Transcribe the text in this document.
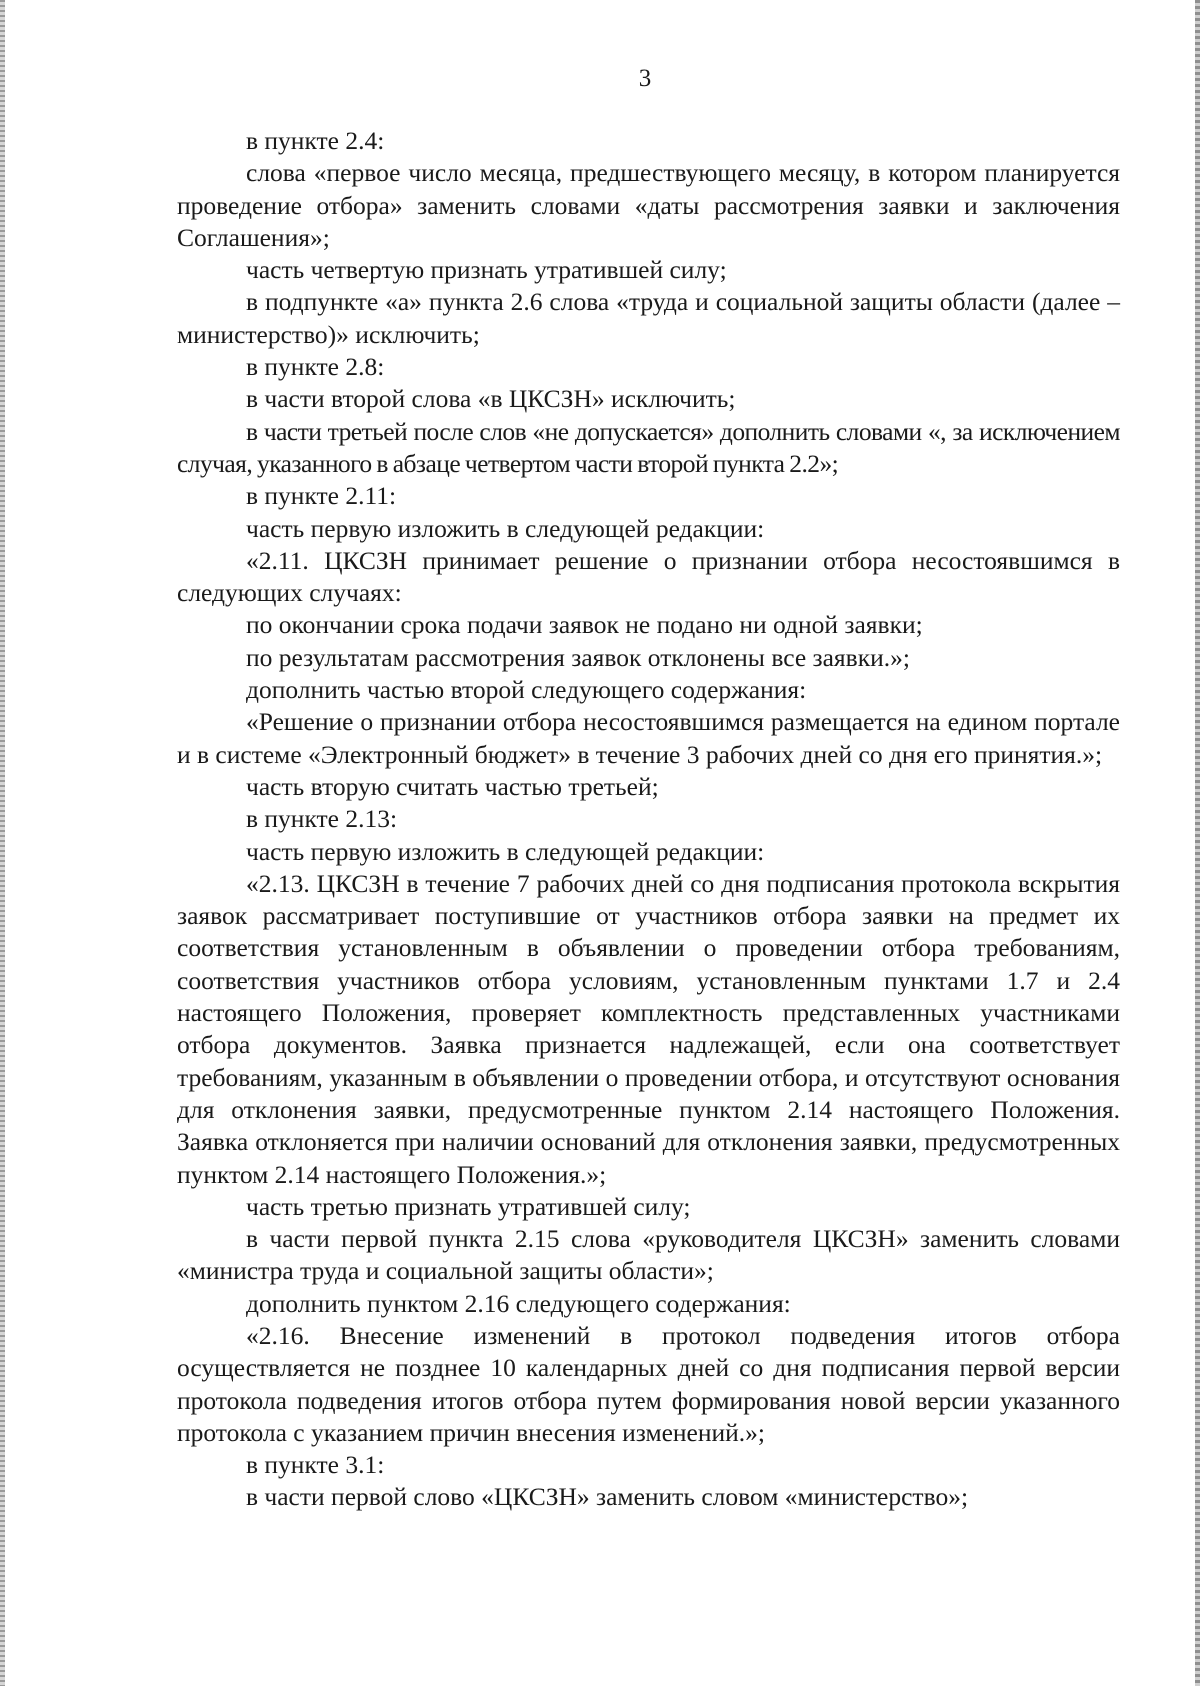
3

в пункте 2.4:

слова «первое число месяца, предшествующего месяцу, в котором планируется проведение отбора» заменить словами «даты рассмотрения заявки и заключения Соглашения»;

часть четвертую признать утратившей силу;

в подпункте «а» пункта 2.6 слова «труда и социальной защиты области (далее – министерство)» исключить;

в пункте 2.8:

в части второй слова «в ЦКСЗН» исключить;

в части третьей после слов «не допускается» дополнить словами «, за исключением случая, указанного в абзаце четвертом части второй пункта 2.2»;

в пункте 2.11:

часть первую изложить в следующей редакции:

«2.11. ЦКСЗН принимает решение о признании отбора несостоявшимся в следующих случаях:

по окончании срока подачи заявок не подано ни одной заявки;

по результатам рассмотрения заявок отклонены все заявки.»;

дополнить частью второй следующего содержания:

«Решение о признании отбора несостоявшимся размещается на едином портале и в системе «Электронный бюджет» в течение 3 рабочих дней со дня его принятия.»;

часть вторую считать частью третьей;

в пункте 2.13:

часть первую изложить в следующей редакции:

«2.13. ЦКСЗН в течение 7 рабочих дней со дня подписания протокола вскрытия заявок рассматривает поступившие от участников отбора заявки на предмет их соответствия установленным в объявлении о проведении отбора требованиям, соответствия участников отбора условиям, установленным пунктами 1.7 и 2.4 настоящего Положения, проверяет комплектность представленных участниками отбора документов. Заявка признается надлежащей, если она соответствует требованиям, указанным в объявлении о проведении отбора, и отсутствуют основания для отклонения заявки, предусмотренные пунктом 2.14 настоящего Положения. Заявка отклоняется при наличии оснований для отклонения заявки, предусмотренных пунктом 2.14 настоящего Положения.»;

часть третью признать утратившей силу;

в части первой пункта 2.15 слова «руководителя ЦКСЗН» заменить словами «министра труда и социальной защиты области»;

дополнить пунктом 2.16 следующего содержания:

«2.16. Внесение изменений в протокол подведения итогов отбора осуществляется не позднее 10 календарных дней со дня подписания первой версии протокола подведения итогов отбора путем формирования новой версии указанного протокола с указанием причин внесения изменений.»;

в пункте 3.1:

в части первой слово «ЦКСЗН» заменить словом «министерство»;
